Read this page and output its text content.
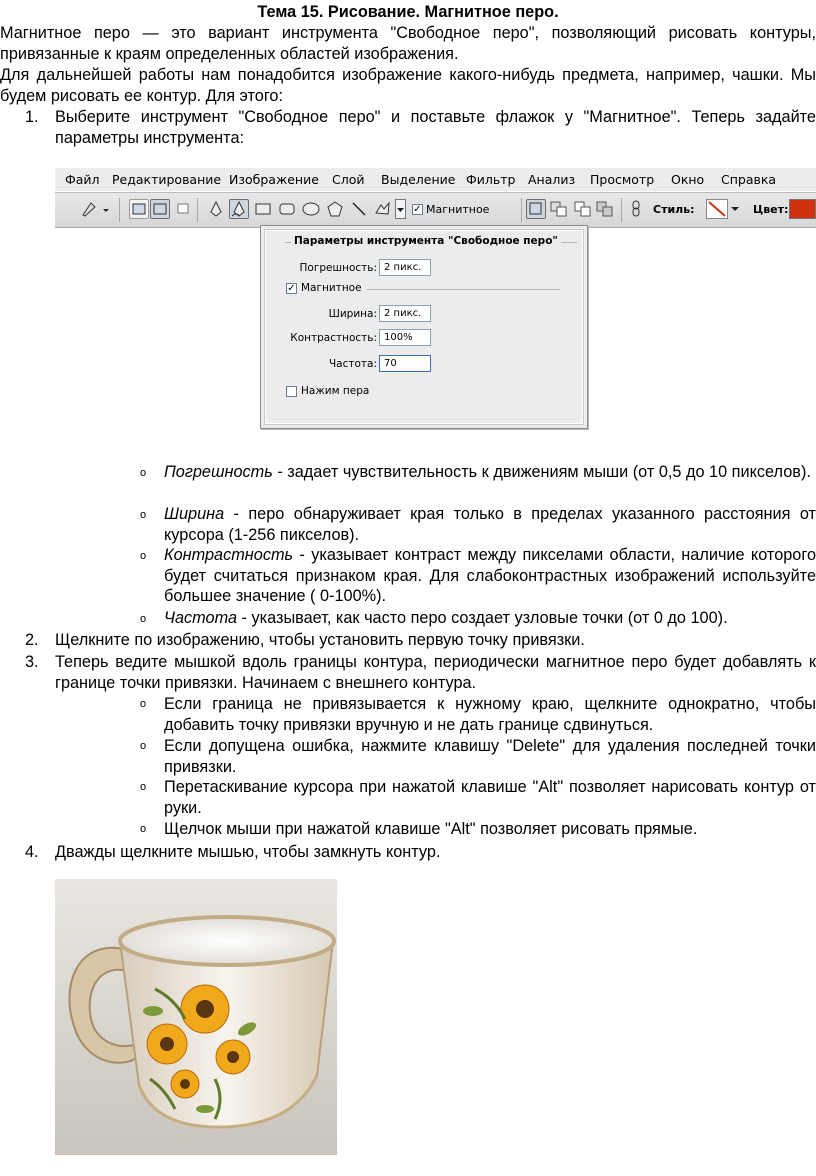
Тема 15. Рисование. Магнитное перо.

Магнитное перо — это вариант инструмента "Свободное перо", позволяющий рисовать контуры, привязанные к краям определенных областей изображения.

Для дальнейшей работы нам понадобится изображение какого-нибудь предмета, например, чашки. Мы будем рисовать ее контур. Для этого:

1. Выберите инструмент "Свободное перо" и поставьте флажок у "Магнитное". Теперь задайте параметры инструмента:
Файл Редактирование Изображение Слой Выделение Фильтр Анализ Просмотр Окно Справка
✓ Магнитное	Стиль:	Цвет:
Параметры инструмента "Свободное перо"
Погрешность: 2 пикс.
✓ Магнитное
Ширина: 2 пикс.
Контрастность: 100%
Частота: 70
Нажим пера
o Погрешность - задает чувствительность к движениям мыши (от 0,5 до 10 пикселов).
o Ширина - перо обнаруживает края только в пределах указанного расстояния от курсора (1-256 пикселов).
o Контрастность - указывает контраст между пикселами области, наличие которого будет считаться признаком края. Для слабоконтрастных изображений используйте большее значение ( 0-100%).
o Частота - указывает, как часто перо создает узловые точки (от 0 до 100).
2. Щелкните по изображению, чтобы установить первую точку привязки.
3. Теперь ведите мышкой вдоль границы контура, периодически магнитное перо будет добавлять к границе точки привязки. Начинаем с внешнего контура.
o Если граница не привязывается к нужному краю, щелкните однократно, чтобы добавить точку привязки вручную и не дать границе сдвинуться.
o Если допущена ошибка, нажмите клавишу "Delete" для удаления последней точки привязки.
o Перетаскивание курсора при нажатой клавише "Alt" позволяет нарисовать контур от руки.
o Щелчок мыши при нажатой клавише "Alt" позволяет рисовать прямые.
4. Дважды щелкните мышью, чтобы замкнуть контур.
